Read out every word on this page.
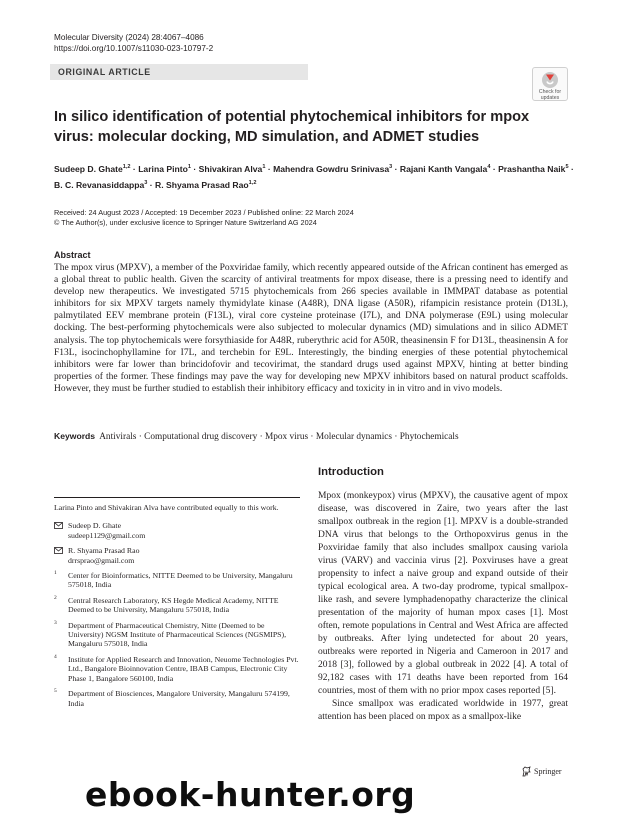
Molecular Diversity (2024) 28:4067–4086
https://doi.org/10.1007/s11030-023-10797-2
ORIGINAL ARTICLE
Check for
updates
In silico identification of potential phytochemical inhibitors for mpox virus: molecular docking, MD simulation, and ADMET studies
Sudeep D. Ghate$^{1,2}$ · Larina Pinto$^1$ · Shivakiran Alva$^1$ · Mahendra Gowdru Srinivasa$^3$ · Rajani Kanth Vangala$^4$ · Prashantha Naik$^5$ · B. C. Revanasiddappa$^3$ · R. Shyama Prasad Rao$^{1,2}$
Received: 24 August 2023 / Accepted: 19 December 2023 / Published online: 22 March 2024
© The Author(s), under exclusive licence to Springer Nature Switzerland AG 2024
Abstract
The mpox virus (MPXV), a member of the Poxviridae family, which recently appeared outside of the African continent has emerged as a global threat to public health. Given the scarcity of antiviral treatments for mpox disease, there is a pressing need to identify and develop new therapeutics. We investigated 5715 phytochemicals from 266 species available in IMMPAT database as potential inhibitors for six MPXV targets namely thymidylate kinase (A48R), DNA ligase (A50R), rifampicin resistance protein (D13L), palmytilated EEV membrane protein (F13L), viral core cysteine proteinase (I7L), and DNA polymerase (E9L) using molecular docking. The best-performing phytochemicals were also subjected to molecular dynamics (MD) simulations and in silico ADMET analysis. The top phytochemicals were forsythiaside for A48R, ruberythric acid for A50R, theasinensin F for D13L, theasinensin A for F13L, isocinchophyllamine for I7L, and terchebin for E9L. Interestingly, the binding energies of these potential phytochemical inhibitors were far lower than brincidofovir and tecovirimat, the standard drugs used against MPXV, hinting at better binding properties of the former. These findings may pave the way for developing new MPXV inhibitors based on natural product scaffolds. However, they must be further studied to establish their inhibitory efficacy and toxicity in in vitro and in vivo models.
Keywords Antivirals · Computational drug discovery · Mpox virus · Molecular dynamics · Phytochemicals
Larina Pinto and Shivakiran Alva have contributed equally to this work.
Sudeep D. Ghate
sudeep1129@gmail.com
R. Shyama Prasad Rao
drrsprao@gmail.com
1 Center for Bioinformatics, NITTE Deemed to be University, Mangaluru 575018, India
2 Central Research Laboratory, KS Hegde Medical Academy, NITTE Deemed to be University, Mangaluru 575018, India
3 Department of Pharmaceutical Chemistry, Nitte (Deemed to be University) NGSM Institute of Pharmaceutical Sciences (NGSMIPS), Mangaluru 575018, India
4 Institute for Applied Research and Innovation, Neuome Technologies Pvt. Ltd., Bangalore Bioinnovation Centre, IBAB Campus, Electronic City Phase 1, Bangalore 560100, India
5 Department of Biosciences, Mangalore University, Mangaluru 574199, India
Introduction

Mpox (monkeypox) virus (MPXV), the causative agent of mpox disease, was discovered in Zaire, two years after the last smallpox outbreak in the region [1]. MPXV is a double-stranded DNA virus that belongs to the Orthopoxvirus genus in the Poxviridae family that also includes smallpox causing variola virus (VARV) and vaccinia virus [2]. Poxviruses have a great propensity to infect a naive group and expand outside of their typical ecological area. A two-day prodrome, typical smallpox-like rash, and severe lymphadenopathy characterize the clinical presentation of the majority of human mpox cases [1]. Most often, remote populations in Central and West Africa are affected by outbreaks. After lying undetected for about 20 years, outbreaks were reported in Nigeria and Cameroon in 2017 and 2018 [3], followed by a global outbreak in 2022 [4]. A total of 92,182 cases with 171 deaths have been reported from 164 countries, most of them with no prior mpox cases reported [5].

Since smallpox was eradicated worldwide in 1977, great attention has been placed on mpox as a smallpox-like

Springer
ebook-hunter.org
